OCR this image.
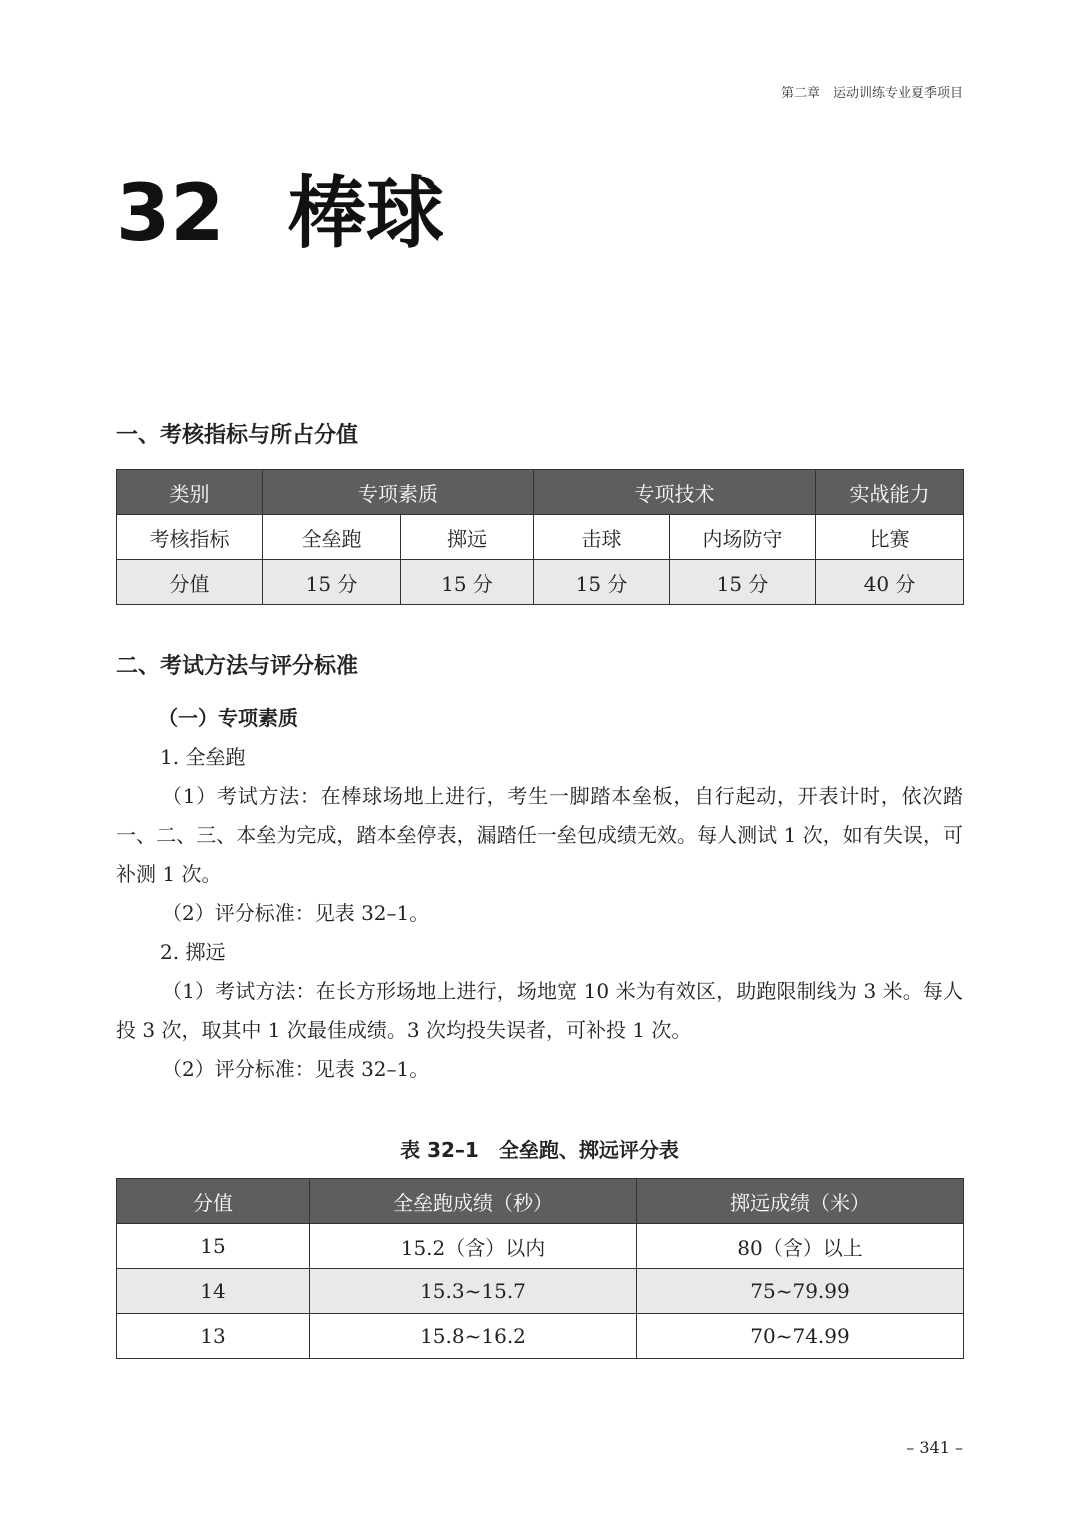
第二章　运动训练专业夏季项目
32 棒球
一、考核指标与所占分值
类别	专项素质		专项技术		实战能力
考核指标	全垒跑	掷远	击球	内场防守	比赛
分值	15 分	15 分	15 分	15 分	40 分
二、考试方法与评分标准

（一）专项素质

1. 全垒跑

（1）考试方法：在棒球场地上进行，考生一脚踏本垒板，自行起动，开表计时，依次踏一、二、三、本垒为完成，踏本垒停表，漏踏任一垒包成绩无效。每人测试 1 次，如有失误，可补测 1 次。

（2）评分标准：见表 32–1。

2. 掷远

（1）考试方法：在长方形场地上进行，场地宽 10 米为有效区，助跑限制线为 3 米。每人投 3 次，取其中 1 次最佳成绩。3 次均投失误者，可补投 1 次。

（2）评分标准：见表 32–1。

表 32–1　全垒跑、掷远评分表
分值	全垒跑成绩（秒）	掷远成绩（米）
15	15.2（含）以内	80（含）以上
14	15.3~15.7	75~79.99
13	15.8~16.2	70~74.99
– 341 –
